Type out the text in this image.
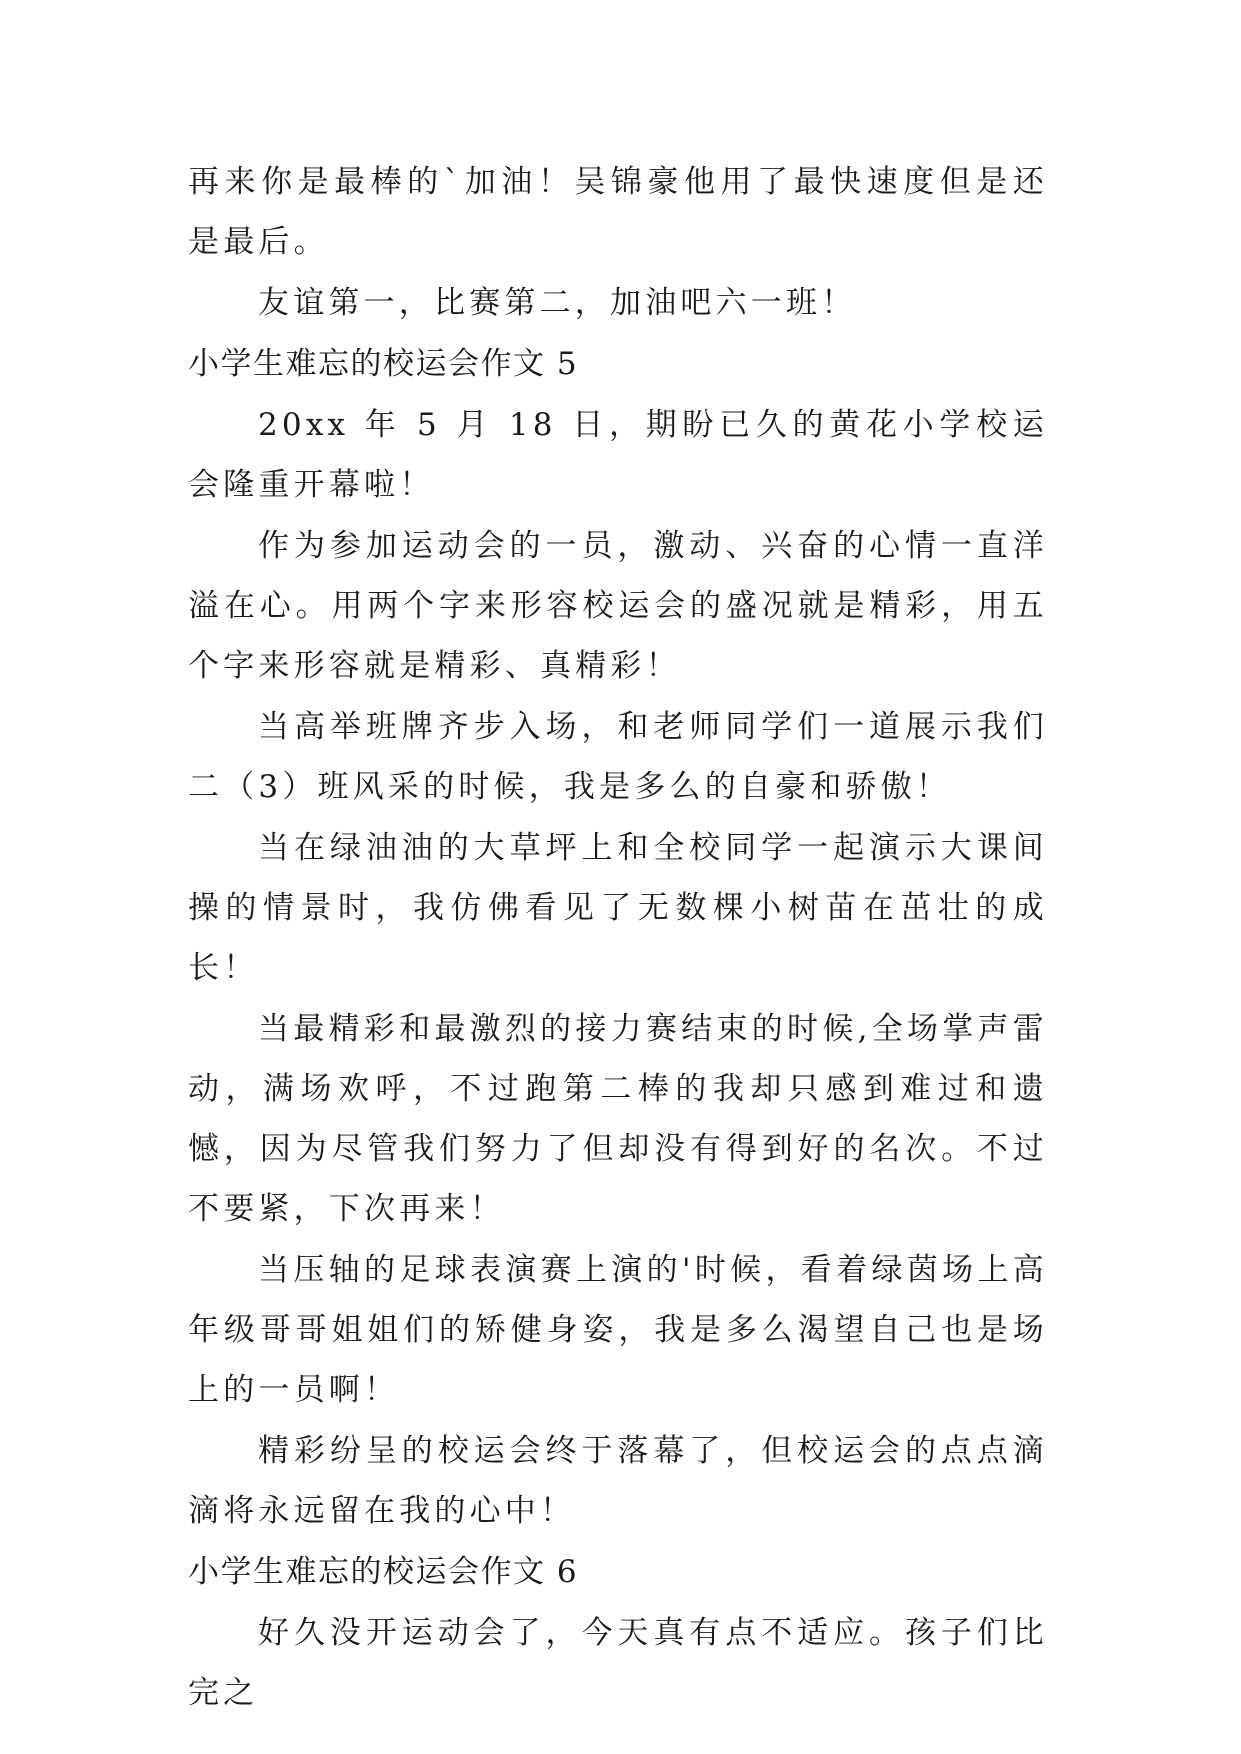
再来你是最棒的`加油！吴锦豪他用了最快速度但是还是最后。

友谊第一，比赛第二，加油吧六一班！

小学生难忘的校运会作文 5

20xx 年 5 月 18 日，期盼已久的黄花小学校运会隆重开幕啦！

作为参加运动会的一员，激动、兴奋的心情一直洋溢在心。用两个字来形容校运会的盛况就是精彩，用五个字来形容就是精彩、真精彩！

当高举班牌齐步入场，和老师同学们一道展示我们二（3）班风采的时候，我是多么的自豪和骄傲！

当在绿油油的大草坪上和全校同学一起演示大课间操的情景时，我仿佛看见了无数棵小树苗在茁壮的成长！

当最精彩和最激烈的接力赛结束的时候,全场掌声雷动，满场欢呼，不过跑第二棒的我却只感到难过和遗憾，因为尽管我们努力了但却没有得到好的名次。不过不要紧，下次再来！

当压轴的足球表演赛上演的'时候，看着绿茵场上高年级哥哥姐姐们的矫健身姿，我是多么渴望自己也是场上的一员啊！

精彩纷呈的校运会终于落幕了，但校运会的点点滴滴将永远留在我的心中！

小学生难忘的校运会作文 6

好久没开运动会了，今天真有点不适应。孩子们比完之
